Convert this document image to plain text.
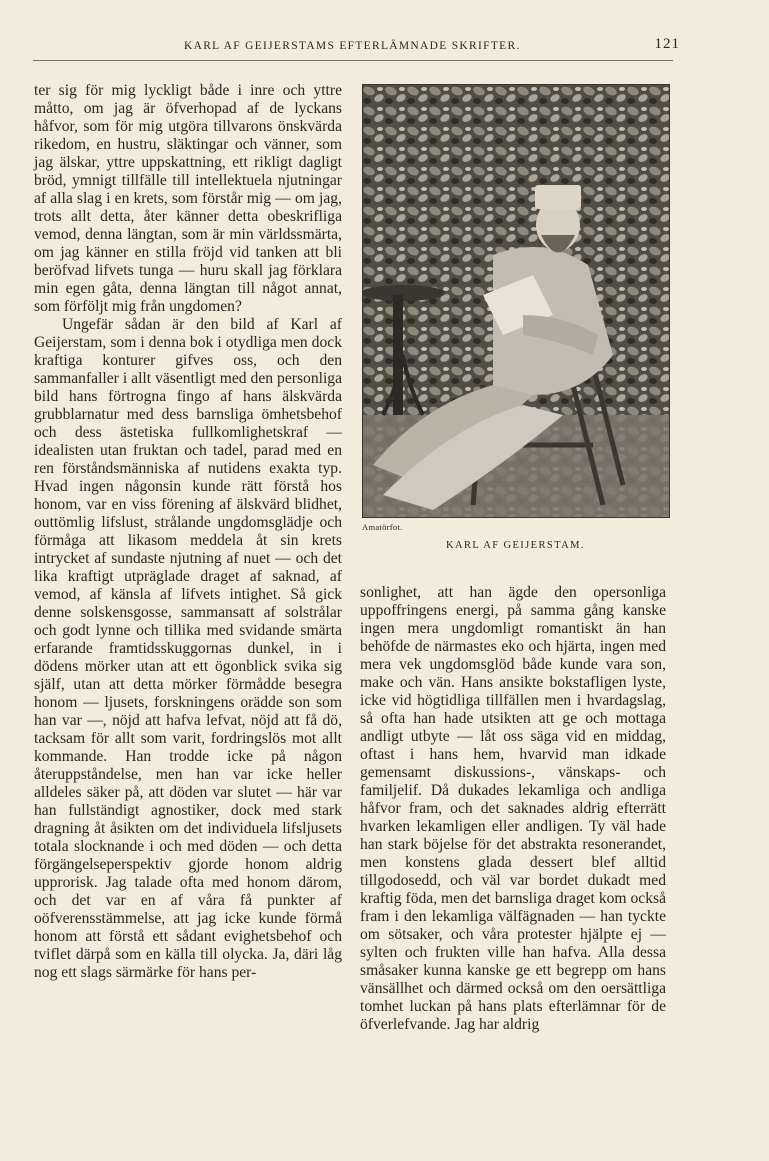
KARL AF GEIJERSTAMS EFTERLÄMNADE SKRIFTER.	121

ter sig för mig lyckligt både i inre och yttre måtto, om jag är öfverhopad af de lyckans håfvor, som för mig utgöra tillvarons önskvärda rikedom, en hustru, släktingar och vänner, som jag älskar, yttre uppskattning, ett rikligt dagligt bröd, ymnigt tillfälle till intellektuela njutningar af alla slag i en krets, som förstår mig — om jag, trots allt detta, åter känner detta obeskrifliga vemod, denna längtan, som är min världssmärta, om jag känner en stilla fröjd vid tanken att bli beröfvad lifvets tunga — huru skall jag förklara min egen gåta, denna längtan till något annat, som förföljt mig från ungdomen?

Ungefär sådan är den bild af Karl af Geijerstam, som i denna bok i otydliga men dock kraftiga konturer gifves oss, och den sammanfaller i allt väsentligt med den personliga bild hans förtrogna fingo af hans älskvärda grubblarnatur med dess barnsliga ömhetsbehof och dess ästetiska fullkomlighetskraf — idealisten utan fruktan och tadel, parad med en ren förståndsmänniska af nutidens exakta typ. Hvad ingen någonsin kunde rätt förstå hos honom, var en viss förening af älskvärd blidhet, outtömlig lifslust, strålande ungdomsglädje och förmåga att likasom meddela åt sin krets intrycket af sundaste njutning af nuet — och det lika kraftigt utpräglade draget af saknad, af vemod, af känsla af lifvets intighet. Så gick denne solskensgosse, sammansatt af solstrålar och godt lynne och tillika med svidande smärta erfarande framtidsskuggornas dunkel, in i dödens mörker utan att ett ögonblick svika sig själf, utan att detta mörker förmådde besegra honom — ljusets, forskningens orädde son som han var —, nöjd att hafva lefvat, nöjd att få dö, tacksam för allt som varit, fordringslös mot allt kommande. Han trodde icke på någon återuppståndelse, men han var icke heller alldeles säker på, att döden var slutet — här var han fullständigt agnostiker, dock med stark dragning åt åsikten om det individuela lifsljusets totala slocknande i och med döden — och detta förgängelseperspektiv gjorde honom aldrig upprorisk. Jag talade ofta med honom därom, och det var en af våra få punkter af oöfverensstämmelse, att jag icke kunde förmå honom att förstå ett sådant evighetsbehof och tviflet därpå som en källa till olycka. Ja, däri låg nog ett slags särmärke för hans per-

Amatörfot.
KARL AF GEIJERSTAM.

sonlighet, att han ägde den opersonliga uppoffringens energi, på samma gång kanske ingen mera ungdomligt romantiskt än han behöfde de närmastes eko och hjärta, ingen med mera vek ungdomsglöd både kunde vara son, make och vän. Hans ansikte bokstafligen lyste, icke vid högtidliga tillfällen men i hvardagslag, så ofta han hade utsikten att ge och mottaga andligt utbyte — låt oss säga vid en middag, oftast i hans hem, hvarvid man idkade gemensamt diskussions-, vänskaps- och familjelif. Då dukades lekamliga och andliga håfvor fram, och det saknades aldrig efterrätt hvarken lekamligen eller andligen. Ty väl hade han stark böjelse för det abstrakta resonerandet, men konstens glada dessert blef alltid tillgodosedd, och väl var bordet dukadt med kraftig föda, men det barnsliga draget kom också fram i den lekamliga välfägnaden — han tyckte om sötsaker, och våra protester hjälpte ej — sylten och frukten ville han hafva. Alla dessa småsaker kunna kanske ge ett begrepp om hans vänsällhet och därmed också om den oersättliga tomhet luckan på hans plats efterlämnar för de öfverlefvande. Jag har aldrig
